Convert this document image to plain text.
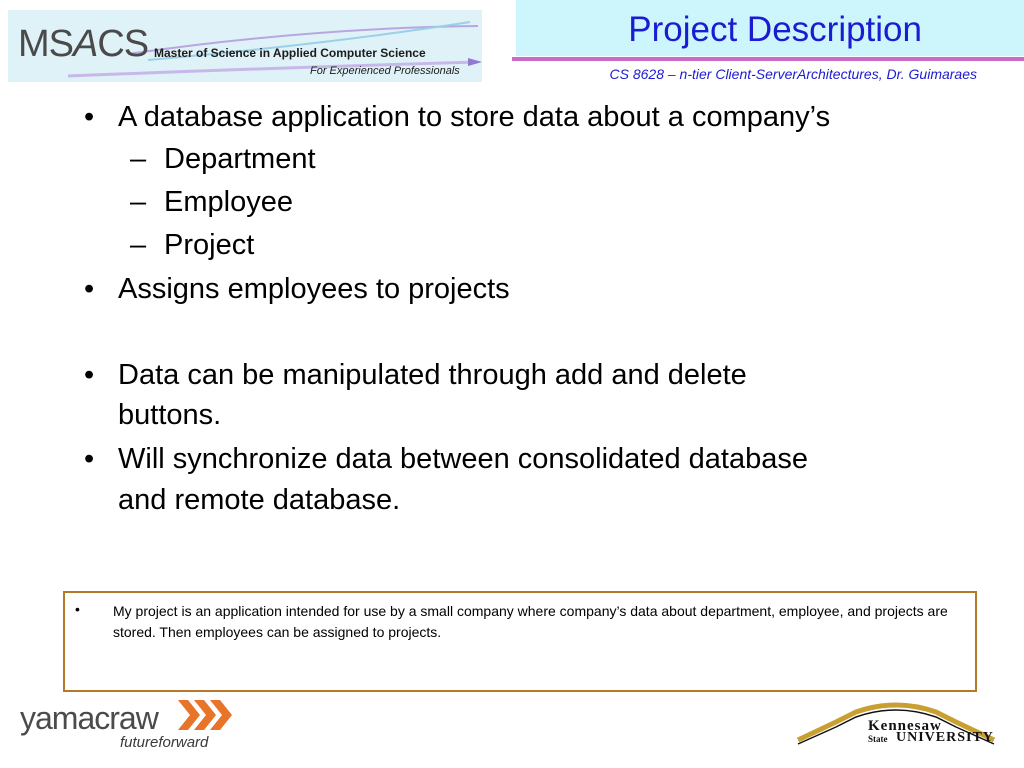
MSACS Master of Science in Applied Computer Science
For Experienced Professionals
Project Description
CS 8628 – n-tier Client-ServerArchitectures, Dr. Guimaraes
• A database application to store data about a company’s
– Department
– Employee
– Project
• Assigns employees to projects
• Data can be manipulated through add and delete
buttons.
• Will synchronize data between consolidated database
and remote database.
• My project is an application intended for use by a small company where company’s data about department, employee, and projects are stored. Then employees can be assigned to projects.
yamacraw
futureforward
Kennesaw
State UNIVERSITY
